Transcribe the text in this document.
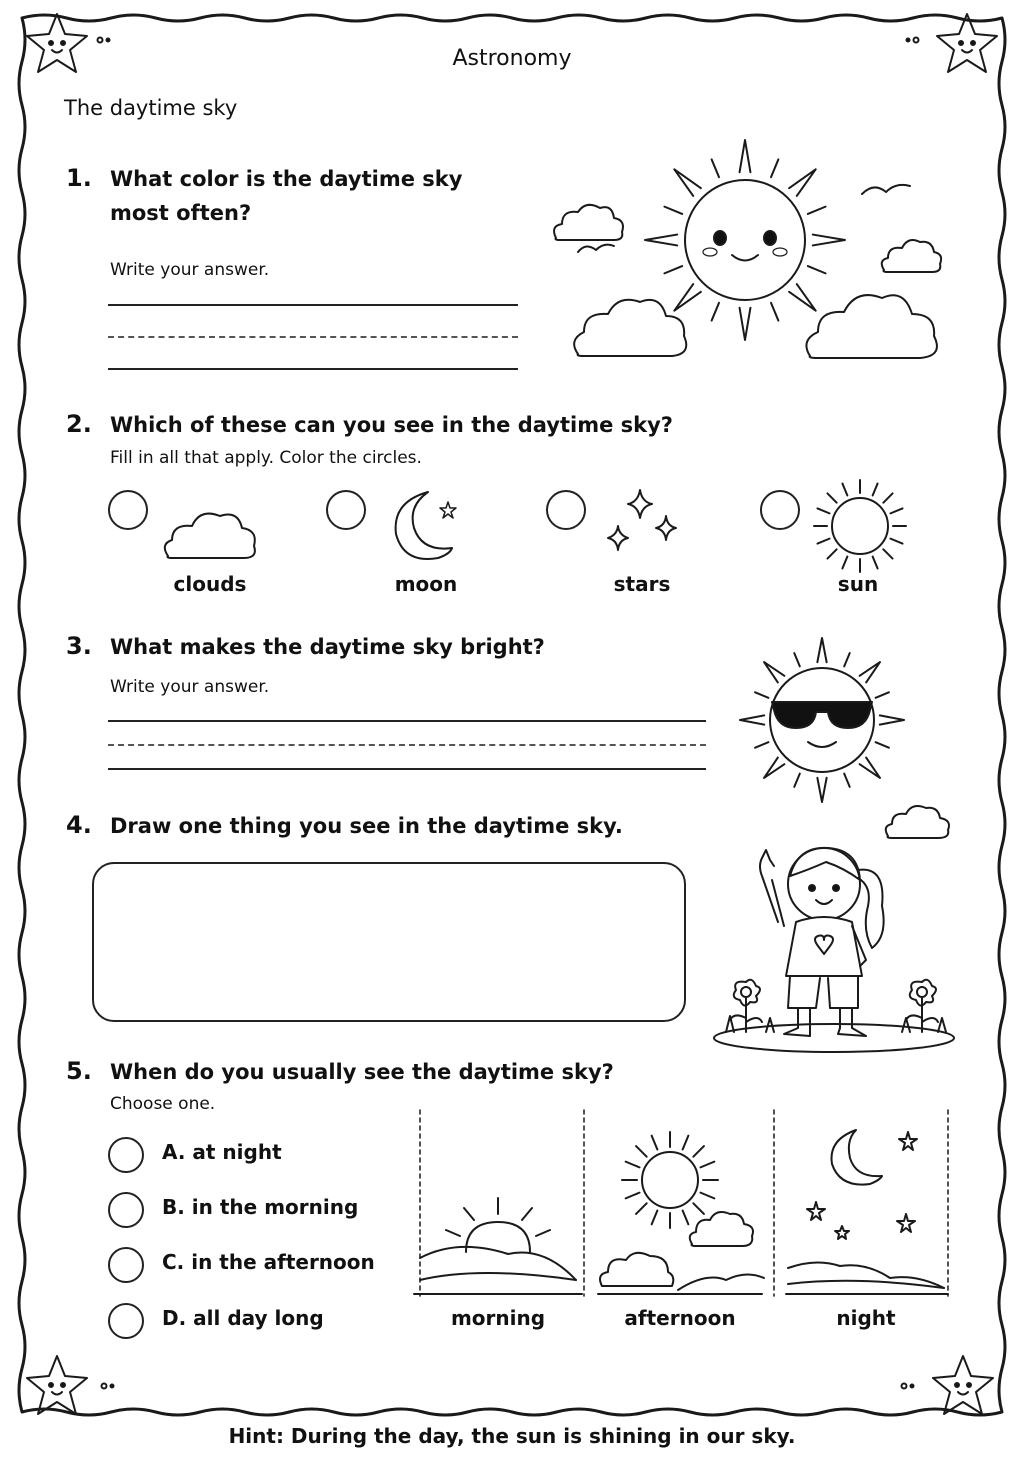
Astronomy
The daytime sky
1. What color is the daytime sky
most often?
Write your answer.
2. Which of these can you see in the daytime sky?
Fill in all that apply. Color the circles.
clouds	moon	stars	sun
3. What makes the daytime sky bright?
Write your answer.
4. Draw one thing you see in the daytime sky.
5. When do you usually see the daytime sky?
Choose one.
A. at night
B. in the morning
C. in the afternoon
D. all day long	morning	afternoon	night
Hint: During the day, the sun is shining in our sky.
